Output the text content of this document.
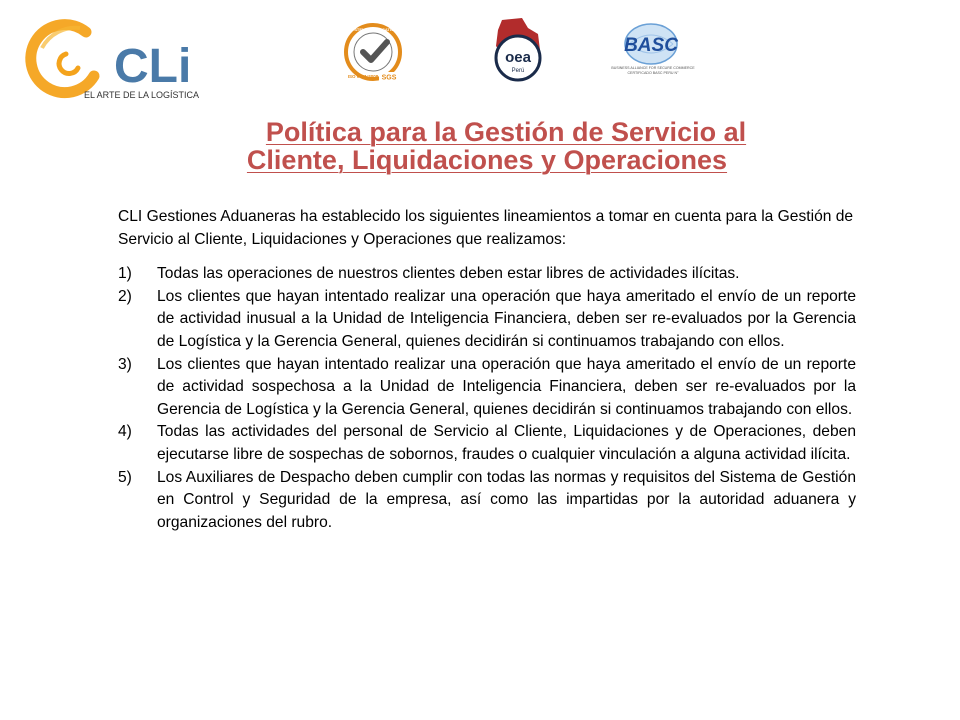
CLi
EL ARTE DE LA LOGÍSTICA
SYSTEM CERTIFICATION
ISO 9001:2008 SGS
oea
Perú
BASC
BUSINESS ALLIANCE FOR SECURE COMMERCE CERTIFICADO BASC PERU N°
Política para la Gestión de Servicio al
Cliente, Liquidaciones y Operaciones

CLI Gestiones Aduaneras ha establecido los siguientes lineamientos a tomar en cuenta para la Gestión de Servicio al Cliente, Liquidaciones y Operaciones que realizamos:

1) Todas las operaciones de nuestros clientes deben estar libres de actividades ilícitas.
2) Los clientes que hayan intentado realizar una operación que haya ameritado el envío de un reporte de actividad inusual a la Unidad de Inteligencia Financiera, deben ser re-evaluados por la Gerencia de Logística y la Gerencia General, quienes decidirán si continuamos trabajando con ellos.
3) Los clientes que hayan intentado realizar una operación que haya ameritado el envío de un reporte de actividad sospechosa a la Unidad de Inteligencia Financiera, deben ser re-evaluados por la Gerencia de Logística y la Gerencia General, quienes decidirán si continuamos trabajando con ellos.
4) Todas las actividades del personal de Servicio al Cliente, Liquidaciones y de Operaciones, deben ejecutarse libre de sospechas de sobornos, fraudes o cualquier vinculación a alguna actividad ilícita.
5) Los Auxiliares de Despacho deben cumplir con todas las normas y requisitos del Sistema de Gestión en Control y Seguridad de la empresa, así como las impartidas por la autoridad aduanera y organizaciones del rubro.
